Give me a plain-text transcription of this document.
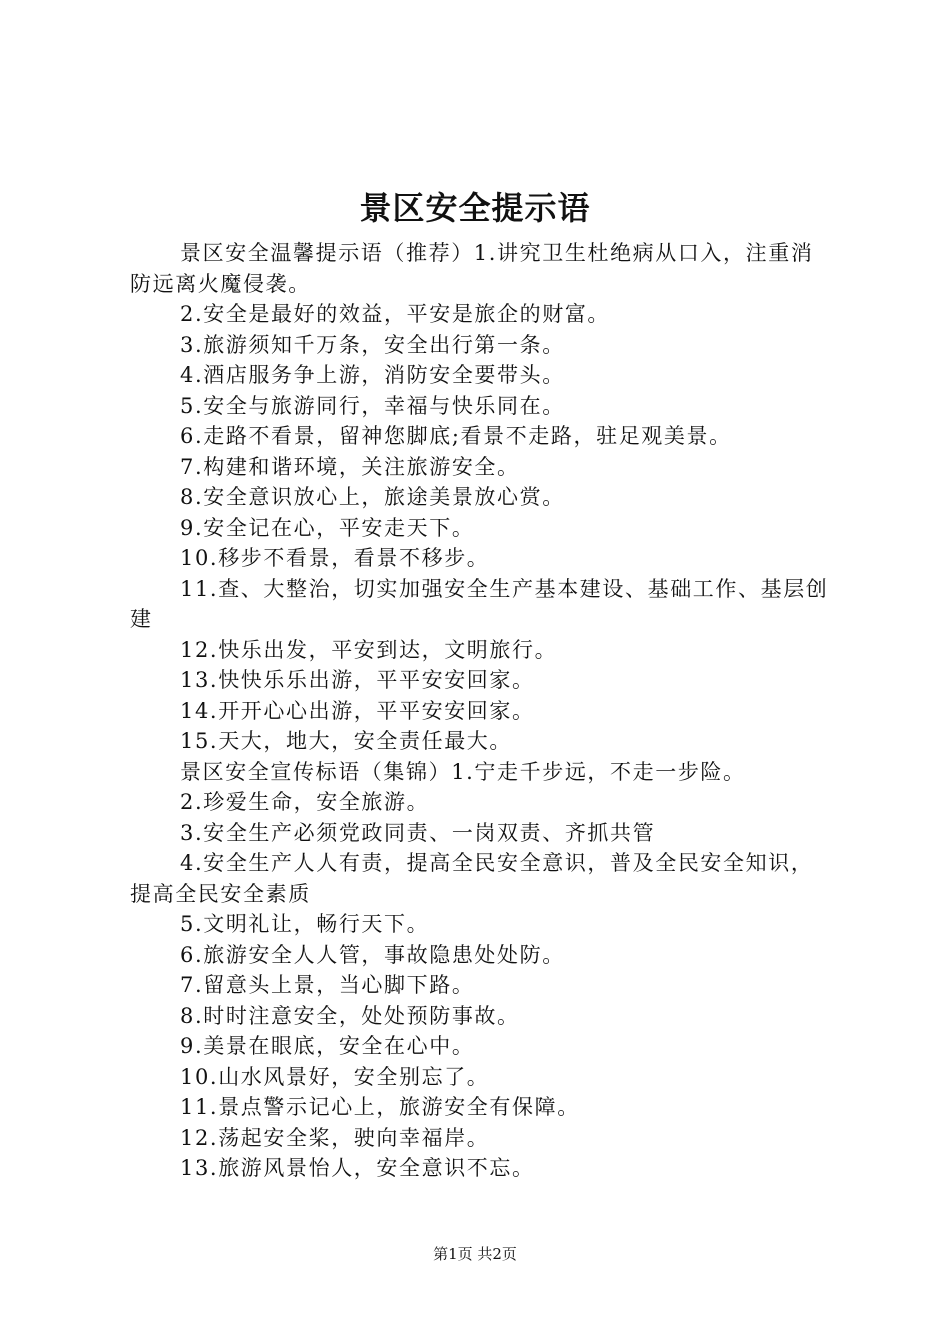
景区安全提示语

景区安全温馨提示语（推荐）1.讲究卫生杜绝病从口入，注重消防远离火魔侵袭。

2.安全是最好的效益，平安是旅企的财富。

3.旅游须知千万条，安全出行第一条。

4.酒店服务争上游，消防安全要带头。

5.安全与旅游同行，幸福与快乐同在。

6.走路不看景，留神您脚底;看景不走路，驻足观美景。

7.构建和谐环境，关注旅游安全。

8.安全意识放心上，旅途美景放心赏。

9.安全记在心，平安走天下。

10.移步不看景，看景不移步。

11.查、大整治，切实加强安全生产基本建设、基础工作、基层创建

12.快乐出发，平安到达，文明旅行。

13.快快乐乐出游，平平安安回家。

14.开开心心出游，平平安安回家。

15.天大，地大，安全责任最大。

景区安全宣传标语（集锦）1.宁走千步远，不走一步险。

2.珍爱生命，安全旅游。

3.安全生产必须党政同责、一岗双责、齐抓共管

4.安全生产人人有责，提高全民安全意识，普及全民安全知识，提高全民安全素质

5.文明礼让，畅行天下。

6.旅游安全人人管，事故隐患处处防。

7.留意头上景，当心脚下路。

8.时时注意安全，处处预防事故。

9.美景在眼底，安全在心中。

10.山水风景好，安全别忘了。

11.景点警示记心上，旅游安全有保障。

12.荡起安全桨，驶向幸福岸。

13.旅游风景怡人，安全意识不忘。

第1页 共2页
